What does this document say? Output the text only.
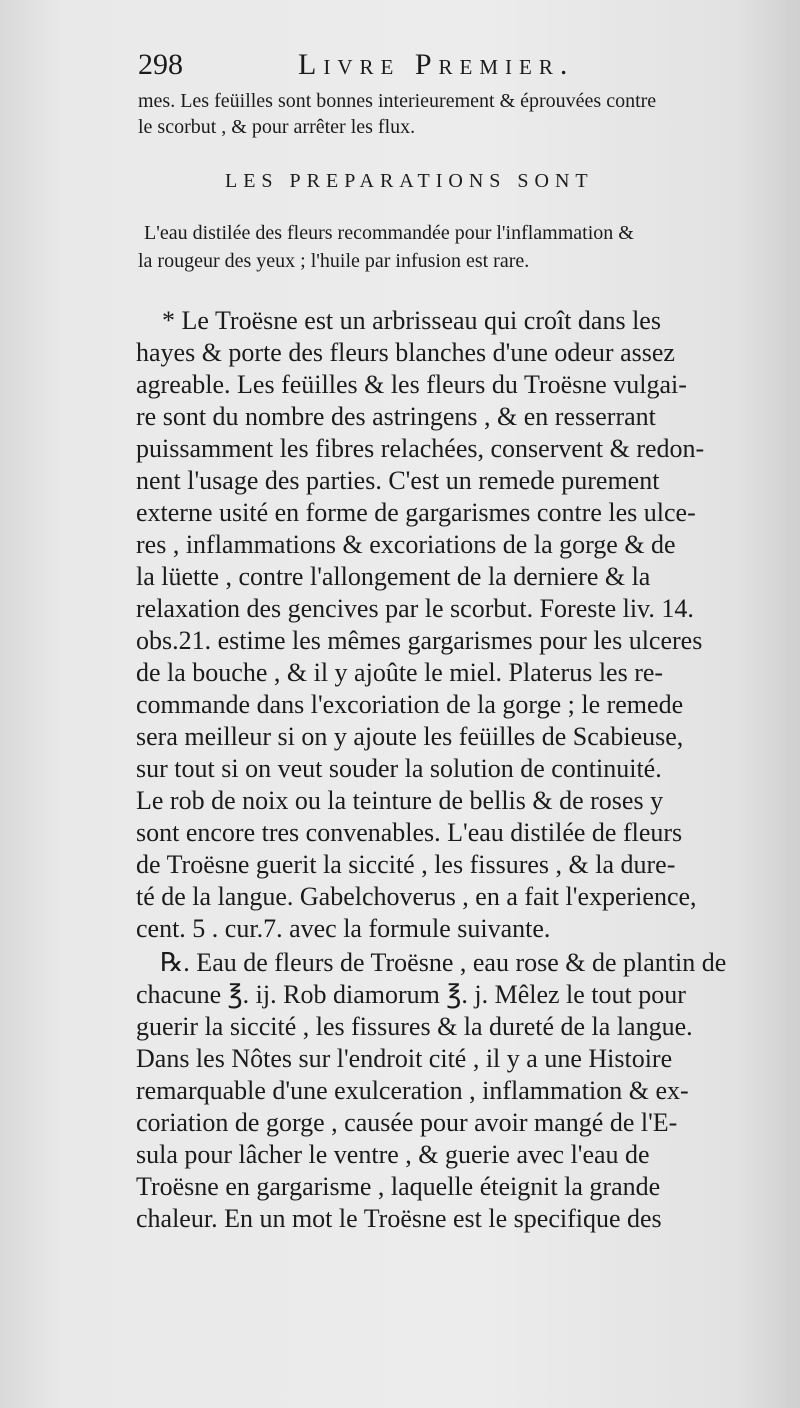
298	Livre Premier.
mes. Les feüilles sont bonnes interieurement & éprouvées contre
le scorbut , & pour arrêter les flux.
LES PREPARATIONS SONT
L'eau distilée des fleurs recommandée pour l'inflammation &
la rougeur des yeux ; l'huile par infusion est rare.
* Le Troësne est un arbrisseau qui croît dans les
hayes & porte des fleurs blanches d'une odeur assez
agreable. Les feüilles & les fleurs du Troësne vulgai-
re sont du nombre des astringens , & en resserrant
puissamment les fibres relachées, conservent & redon-
nent l'usage des parties. C'est un remede purement
externe usité en forme de gargarismes contre les ulce-
res , inflammations & excoriations de la gorge & de
la lüette , contre l'allongement de la derniere & la
relaxation des gencives par le scorbut. Foreste liv. 14.
obs.21. estime les mêmes gargarismes pour les ulceres
de la bouche , & il y ajoûte le miel. Platerus les re-
commande dans l'excoriation de la gorge ; le remede
sera meilleur si on y ajoute les feüilles de Scabieuse,
sur tout si on veut souder la solution de continuité.
Le rob de noix ou la teinture de bellis & de roses y
sont encore tres convenables. L'eau distilée de fleurs
de Troësne guerit la siccité , les fissures , & la dure-
té de la langue. Gabelchoverus , en a fait l'experience,
cent. 5 . cur.7. avec la formule suivante.
℞. Eau de fleurs de Troësne , eau rose & de plantin de
chacune ℥. ij. Rob diamorum ℥. j. Mêlez le tout pour
guerir la siccité , les fissures & la dureté de la langue.
Dans les Nôtes sur l'endroit cité , il y a une Histoire
remarquable d'une exulceration , inflammation & ex-
coriation de gorge , causée pour avoir mangé de l'E-
sula pour lâcher le ventre , & guerie avec l'eau de
Troësne en gargarisme , laquelle éteignit la grande
chaleur. En un mot le Troësne est le specifique des
